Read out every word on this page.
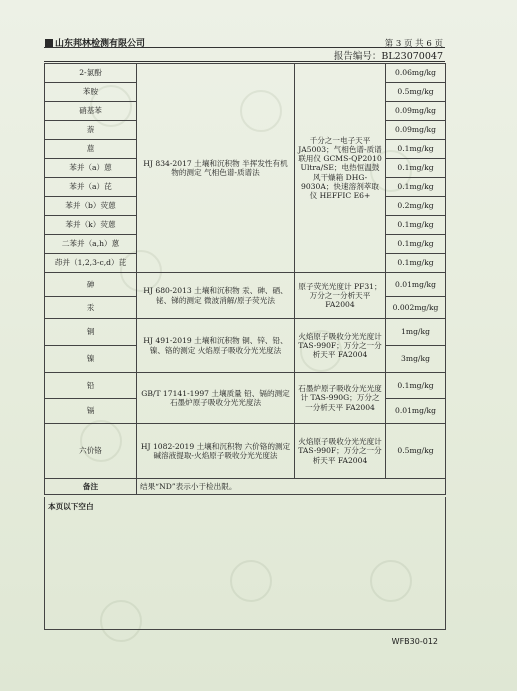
山东邦林检测有限公司	第 3 页 共 6 页
报告编号：BL23070047
2-氯酚	HJ 834-2017 土壤和沉积物 半挥发性有机物的测定 气相色谱-质谱法	千分之一电子天平 JA5003；气相色谱-质谱联用仪 GCMS-QP2010 Ultra/SE；电热恒温鼓风干燥箱 DHG-9030A；快速溶剂萃取仪 HEFFIC E6+	0.06mg/kg
苯胺			0.5mg/kg
硝基苯			0.09mg/kg
萘			0.09mg/kg
䓛			0.1mg/kg
苯并（a）蒽			0.1mg/kg
苯并（a）芘			0.1mg/kg
苯并（b）荧蒽			0.2mg/kg
苯并（k）荧蒽			0.1mg/kg
二苯并（a,h）蒽			0.1mg/kg
茚并（1,2,3-c,d）芘			0.1mg/kg
砷	HJ 680-2013 土壤和沉积物 汞、砷、硒、铋、锑的测定 微波消解/原子荧光法	原子荧光光度计 PF31；万分之一分析天平 FA2004	0.01mg/kg
汞			0.002mg/kg
铜	HJ 491-2019 土壤和沉积物 铜、锌、铅、镍、铬的测定 火焰原子吸收分光光度法	火焰原子吸收分光光度计 TAS-990F；万分之一分析天平 FA2004	1mg/kg
镍			3mg/kg
铅	GB/T 17141-1997 土壤质量 铅、镉的测定 石墨炉原子吸收分光光度法	石墨炉原子吸收分光光度计 TAS-990G；万分之一分析天平 FA2004	0.1mg/kg
镉			0.01mg/kg
六价铬	HJ 1082-2019 土壤和沉积物 六价铬的测定 碱溶液提取-火焰原子吸收分光光度法	火焰原子吸收分光光度计 TAS-990F；万分之一分析天平 FA2004	0.5mg/kg
备注	结果“ND”表示小于检出限。		
本页以下空白
WFB30-012
